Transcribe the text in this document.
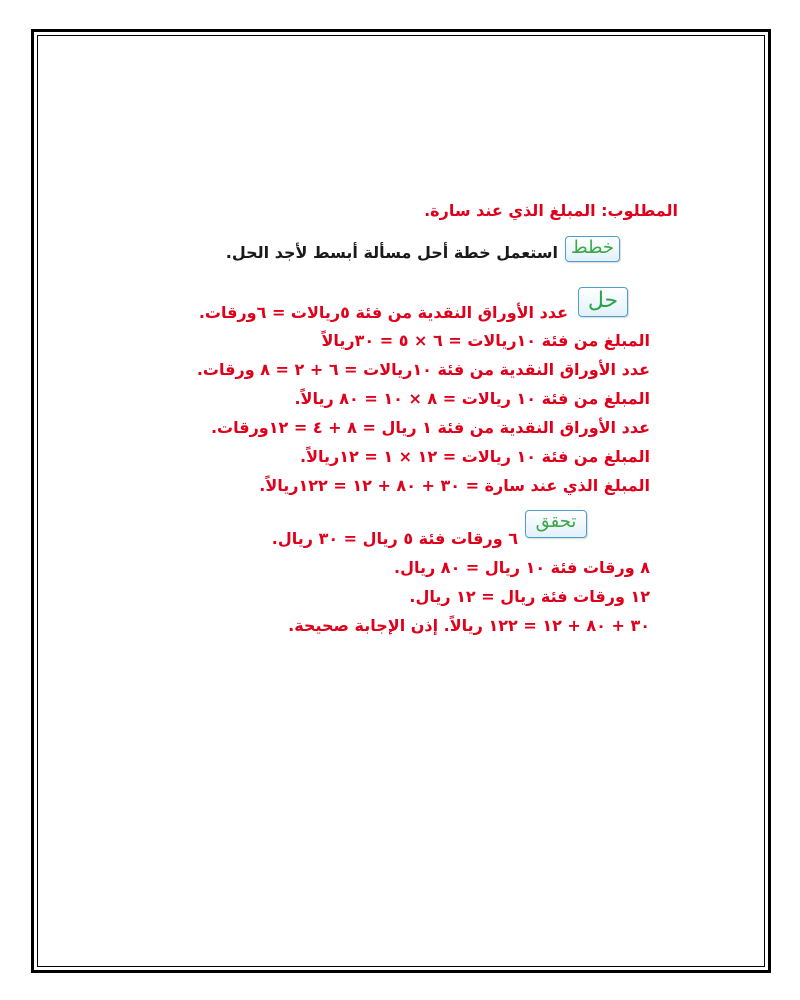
المطلوب: المبلغ الذي عند سارة.
خطط
استعمل خطة أحل مسألة أبسط لأجد الحل.
حل
عدد الأوراق النقدية من فئة ٥ريالات = ٦ورقات.
المبلغ من فئة ١٠ريالات = ٦ × ٥ = ٣٠ريالاً
عدد الأوراق النقدية من فئة ١٠ريالات = ٦ + ٢ = ٨ ورقات.
المبلغ من فئة ١٠ ريالات = ٨ × ١٠ = ٨٠ ريالاً.
عدد الأوراق النقدية من فئة ١ ريال = ٨ + ٤ = ١٢ورقات.
المبلغ من فئة ١٠ ريالات = ١٢ × ١ = ١٢ريالاً.
المبلغ الذي عند سارة = ٣٠ + ٨٠ + ١٢ = ١٢٢ريالاً.
تحقق
٦ ورقات فئة ٥ ريال = ٣٠ ريال.
٨ ورقات فئة ١٠ ريال = ٨٠ ريال.
١٢ ورقات فئة ريال = ١٢ ريال.
٣٠ + ٨٠ + ١٢ = ١٢٢ ريالاً. إذن الإجابة صحيحة.
